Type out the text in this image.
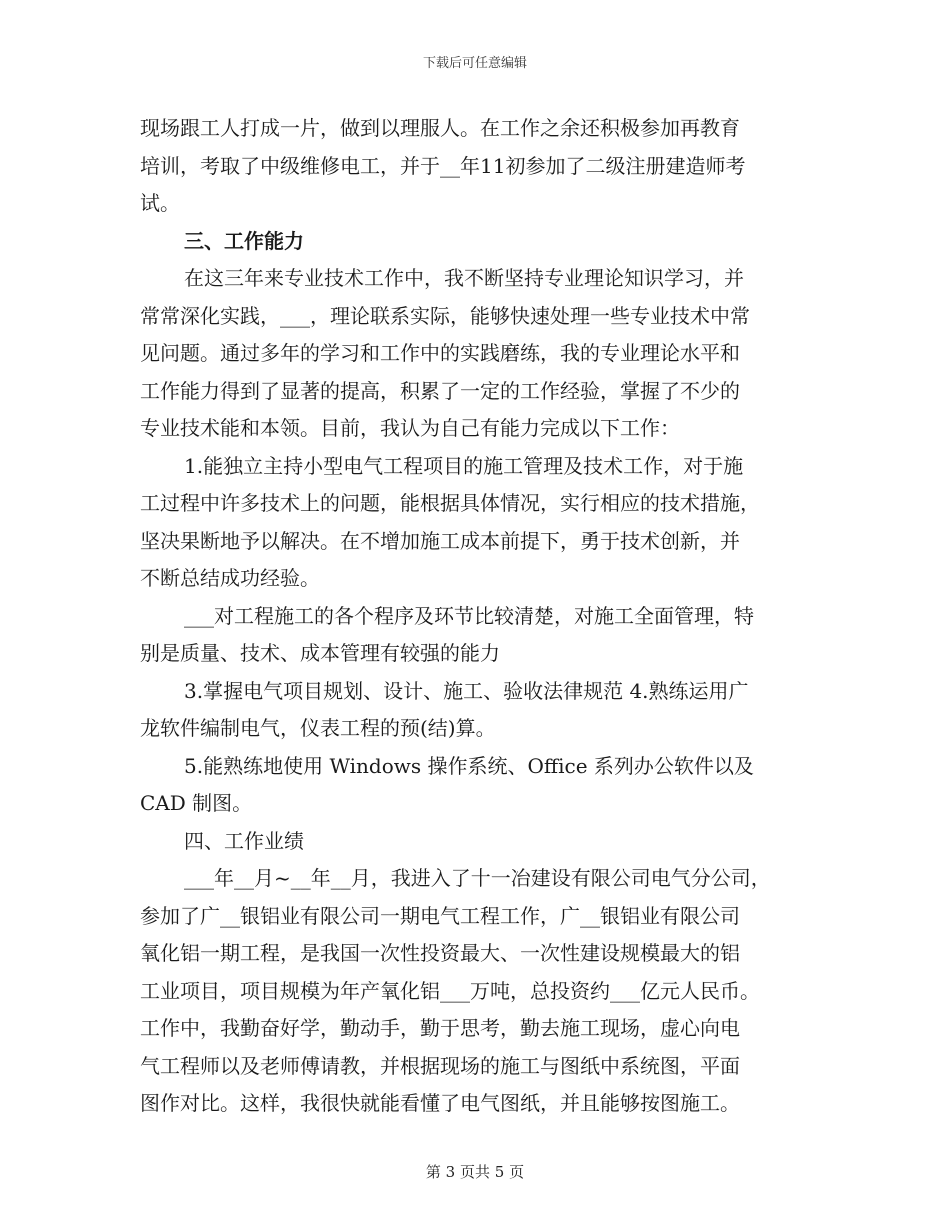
下载后可任意编辑
现场跟工人打成一片，做到以理服人。在工作之余还积极参加再教育
培训，考取了中级维修电工，并于__年11初参加了二级注册建造师考
试。
三、工作能力
在这三年来专业技术工作中，我不断坚持专业理论知识学习，并
常常深化实践，___，理论联系实际，能够快速处理一些专业技术中常
见问题。通过多年的学习和工作中的实践磨练，我的专业理论水平和
工作能力得到了显著的提高，积累了一定的工作经验，掌握了不少的
专业技术能和本领。目前，我认为自己有能力完成以下工作：
1.能独立主持小型电气工程项目的施工管理及技术工作，对于施
工过程中许多技术上的问题，能根据具体情况，实行相应的技术措施，
坚决果断地予以解决。在不增加施工成本前提下，勇于技术创新，并
不断总结成功经验。
___对工程施工的各个程序及环节比较清楚，对施工全面管理，特
别是质量、技术、成本管理有较强的能力
3.掌握电气项目规划、设计、施工、验收法律规范 4.熟练运用广
龙软件编制电气，仪表工程的预(结)算。
5.能熟练地使用 Windows 操作系统、Office 系列办公软件以及
CAD 制图。
四、工作业绩
___年__月~__年__月，我进入了十一冶建设有限公司电气分公司，
参加了广__银铝业有限公司一期电气工程工作，广__银铝业有限公司
氧化铝一期工程，是我国一次性投资最大、一次性建设规模最大的铝
工业项目，项目规模为年产氧化铝___万吨，总投资约___亿元人民币。
工作中，我勤奋好学，勤动手，勤于思考，勤去施工现场，虚心向电
气工程师以及老师傅请教，并根据现场的施工与图纸中系统图，平面
图作对比。这样，我很快就能看懂了电气图纸，并且能够按图施工。
第 3 页共 5 页
